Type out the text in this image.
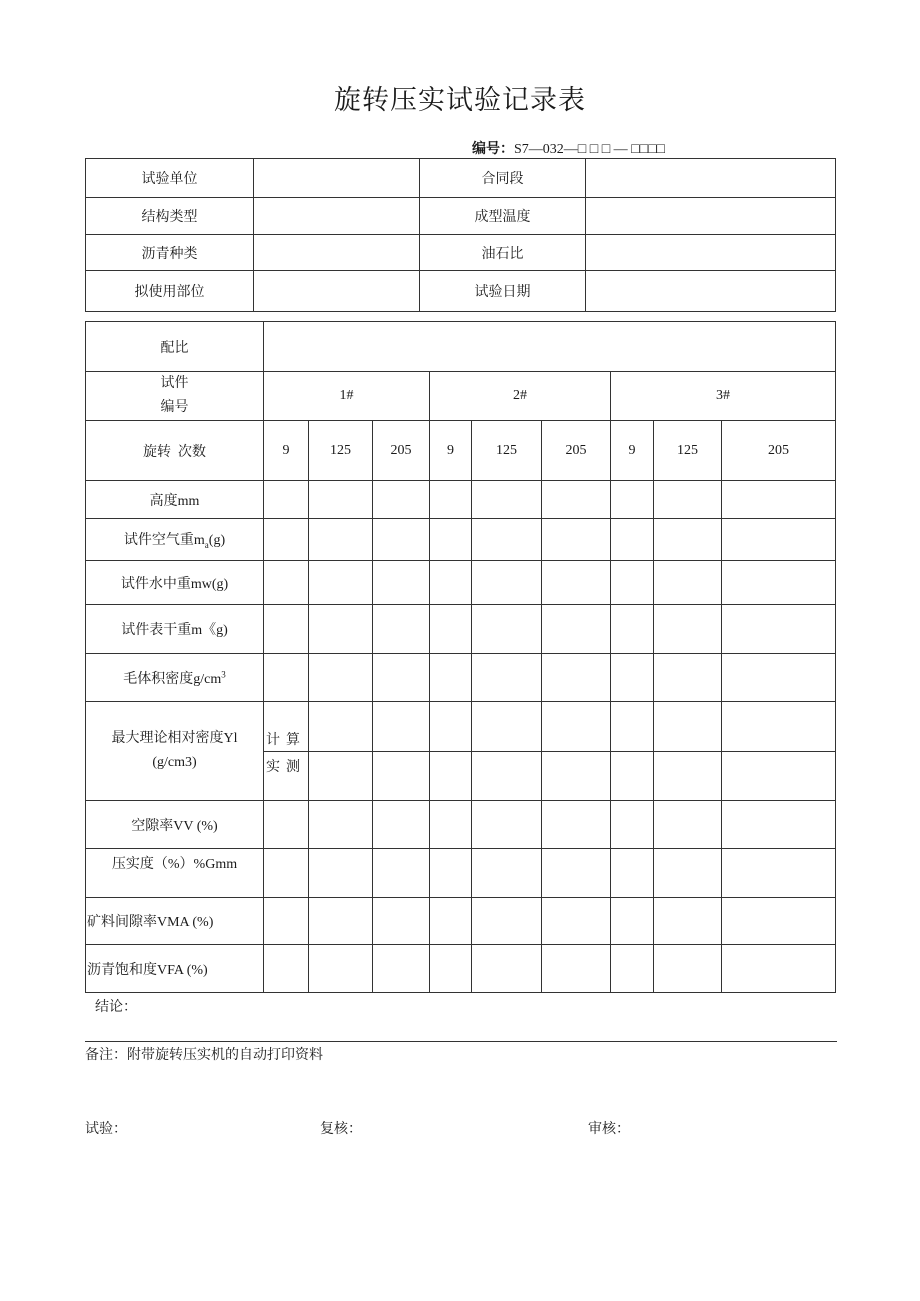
旋转压实试验记录表
编号：S7—032—□ □ □ — □□□□
试验单位		合同段	
结构类型		成型温度	
沥青种类		油石比	
拟使用部位		试验日期	
配比									

试件
编号	1#			2#			3#		
旋转  次数	9	125	205	9	125	205	9	125	205
高度mm									
试件空气重$m_a(g)$									
试件水中重mw(g)									
试件表干重m《g)									
毛体积密度$g/cm^3$									

最大理论相对密度Yl
(g/cm3)	计算								
	实测								
空隙率VV (%)									
压实度（%）%Gmm									
矿料间隙率VMA (%)									
沥青饱和度VFA (%)									
结论：
备注：附带旋转压实机的自动打印资料
试验：	复核：	审核：
